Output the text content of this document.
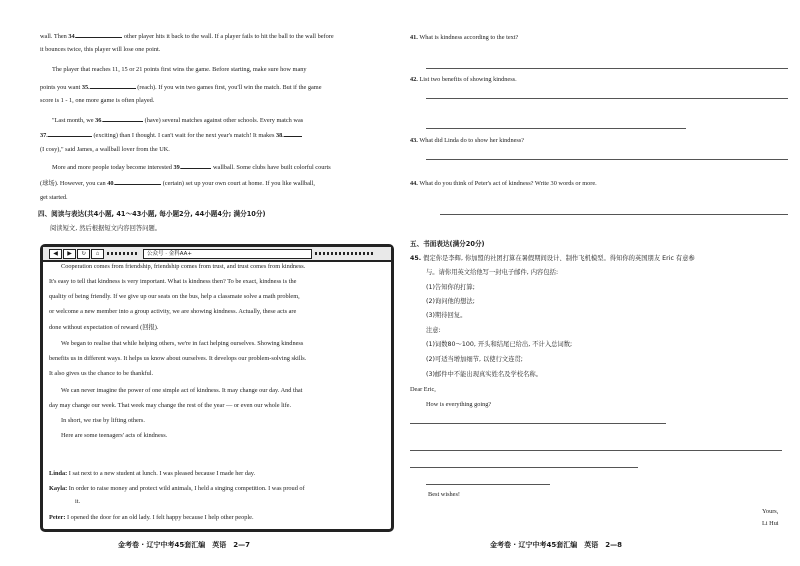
wall. Then 34.	other player hits it back to the wall. If a player fails to hit the ball to the wall before
it bounces twice, this player will lose one point.
The player that reaches 11, 15 or 21 points first wins the game. Before starting, make sure how many
points you want 35.	(reach). If you win two games first, you'll win the match. But if the game
score is 1 - 1, one more game is often played.
"Last month, we 36.	(have) several matches against other schools. Every match was
37.	(exciting) than I thought. I can't wait for the next year's match! It makes 38.
(I cosy)," said James, a wallball lover from the UK.
More and more people today become interested 39.	wallball. Some clubs have built colorful courts
(球场). However, you can 40.	(certain) set up your own court at home. If you like wallball,
get started.
四、阅读与表达(共4小题, 41～43小题, 每小题2分, 44小题4分; 满分10分)
阅读短文, 然后根据短文内容回答问题。
◀	▶	↻	⌂	公众号 · 金科AA+
Cooperation comes from friendship, friendship comes from trust, and trust comes from kindness.
It's easy to tell that kindness is very important. What is kindness then? To be exact, kindness is the
quality of being friendly. If we give up our seats on the bus, help a classmate solve a math problem,
or welcome a new member into a group activity, we are showing kindness. Actually, these acts are
done without expectation of reward (回报).
We began to realise that while helping others, we're in fact helping ourselves. Showing kindness
benefits us in different ways. It helps us know about ourselves. It develops our problem-solving skills.
It also gives us the chance to be thankful.
We can never imagine the power of one simple act of kindness. It may change our day. And that
day may change our week. That week may change the rest of the year — or even our whole life.
In short, we rise by lifting others.
Here are some teenagers' acts of kindness.
Linda: I sat next to a new student at lunch. I was pleased because I made her day.
Kayla: In order to raise money and protect wild animals, I held a singing competition. I was proud of
it.
Peter: I opened the door for an old lady. I felt happy because I help other people.
金考卷 · 辽宁中考45套汇编　英语　2—7
41. What is kindness according to the text?
42. List two benefits of showing kindness.
43. What did Linda do to show her kindness?
44. What do you think of Peter's act of kindness? Write 30 words or more.
五、书面表达(满分20分)
45. 假定你是李辉, 你加盟的社团打算在暑假期间设计、制作飞机模型。得知你的英国朋友 Eric 有意参
与。请你用英文给他写一封电子邮件, 内容包括:
(1)告知你的打算;
(2)询问他的想法;
(3)期待回复。
注意:
(1)词数80～100, 开头和结尾已给出, 不计入总词数;
(2)可适当增加细节, 以使行文连贯;
(3)邮件中不能出现真实姓名及学校名称。
Dear Eric,
How is everything going?
Best wishes!
Yours,
Li Hui
金考卷 · 辽宁中考45套汇编　英语　2—8
